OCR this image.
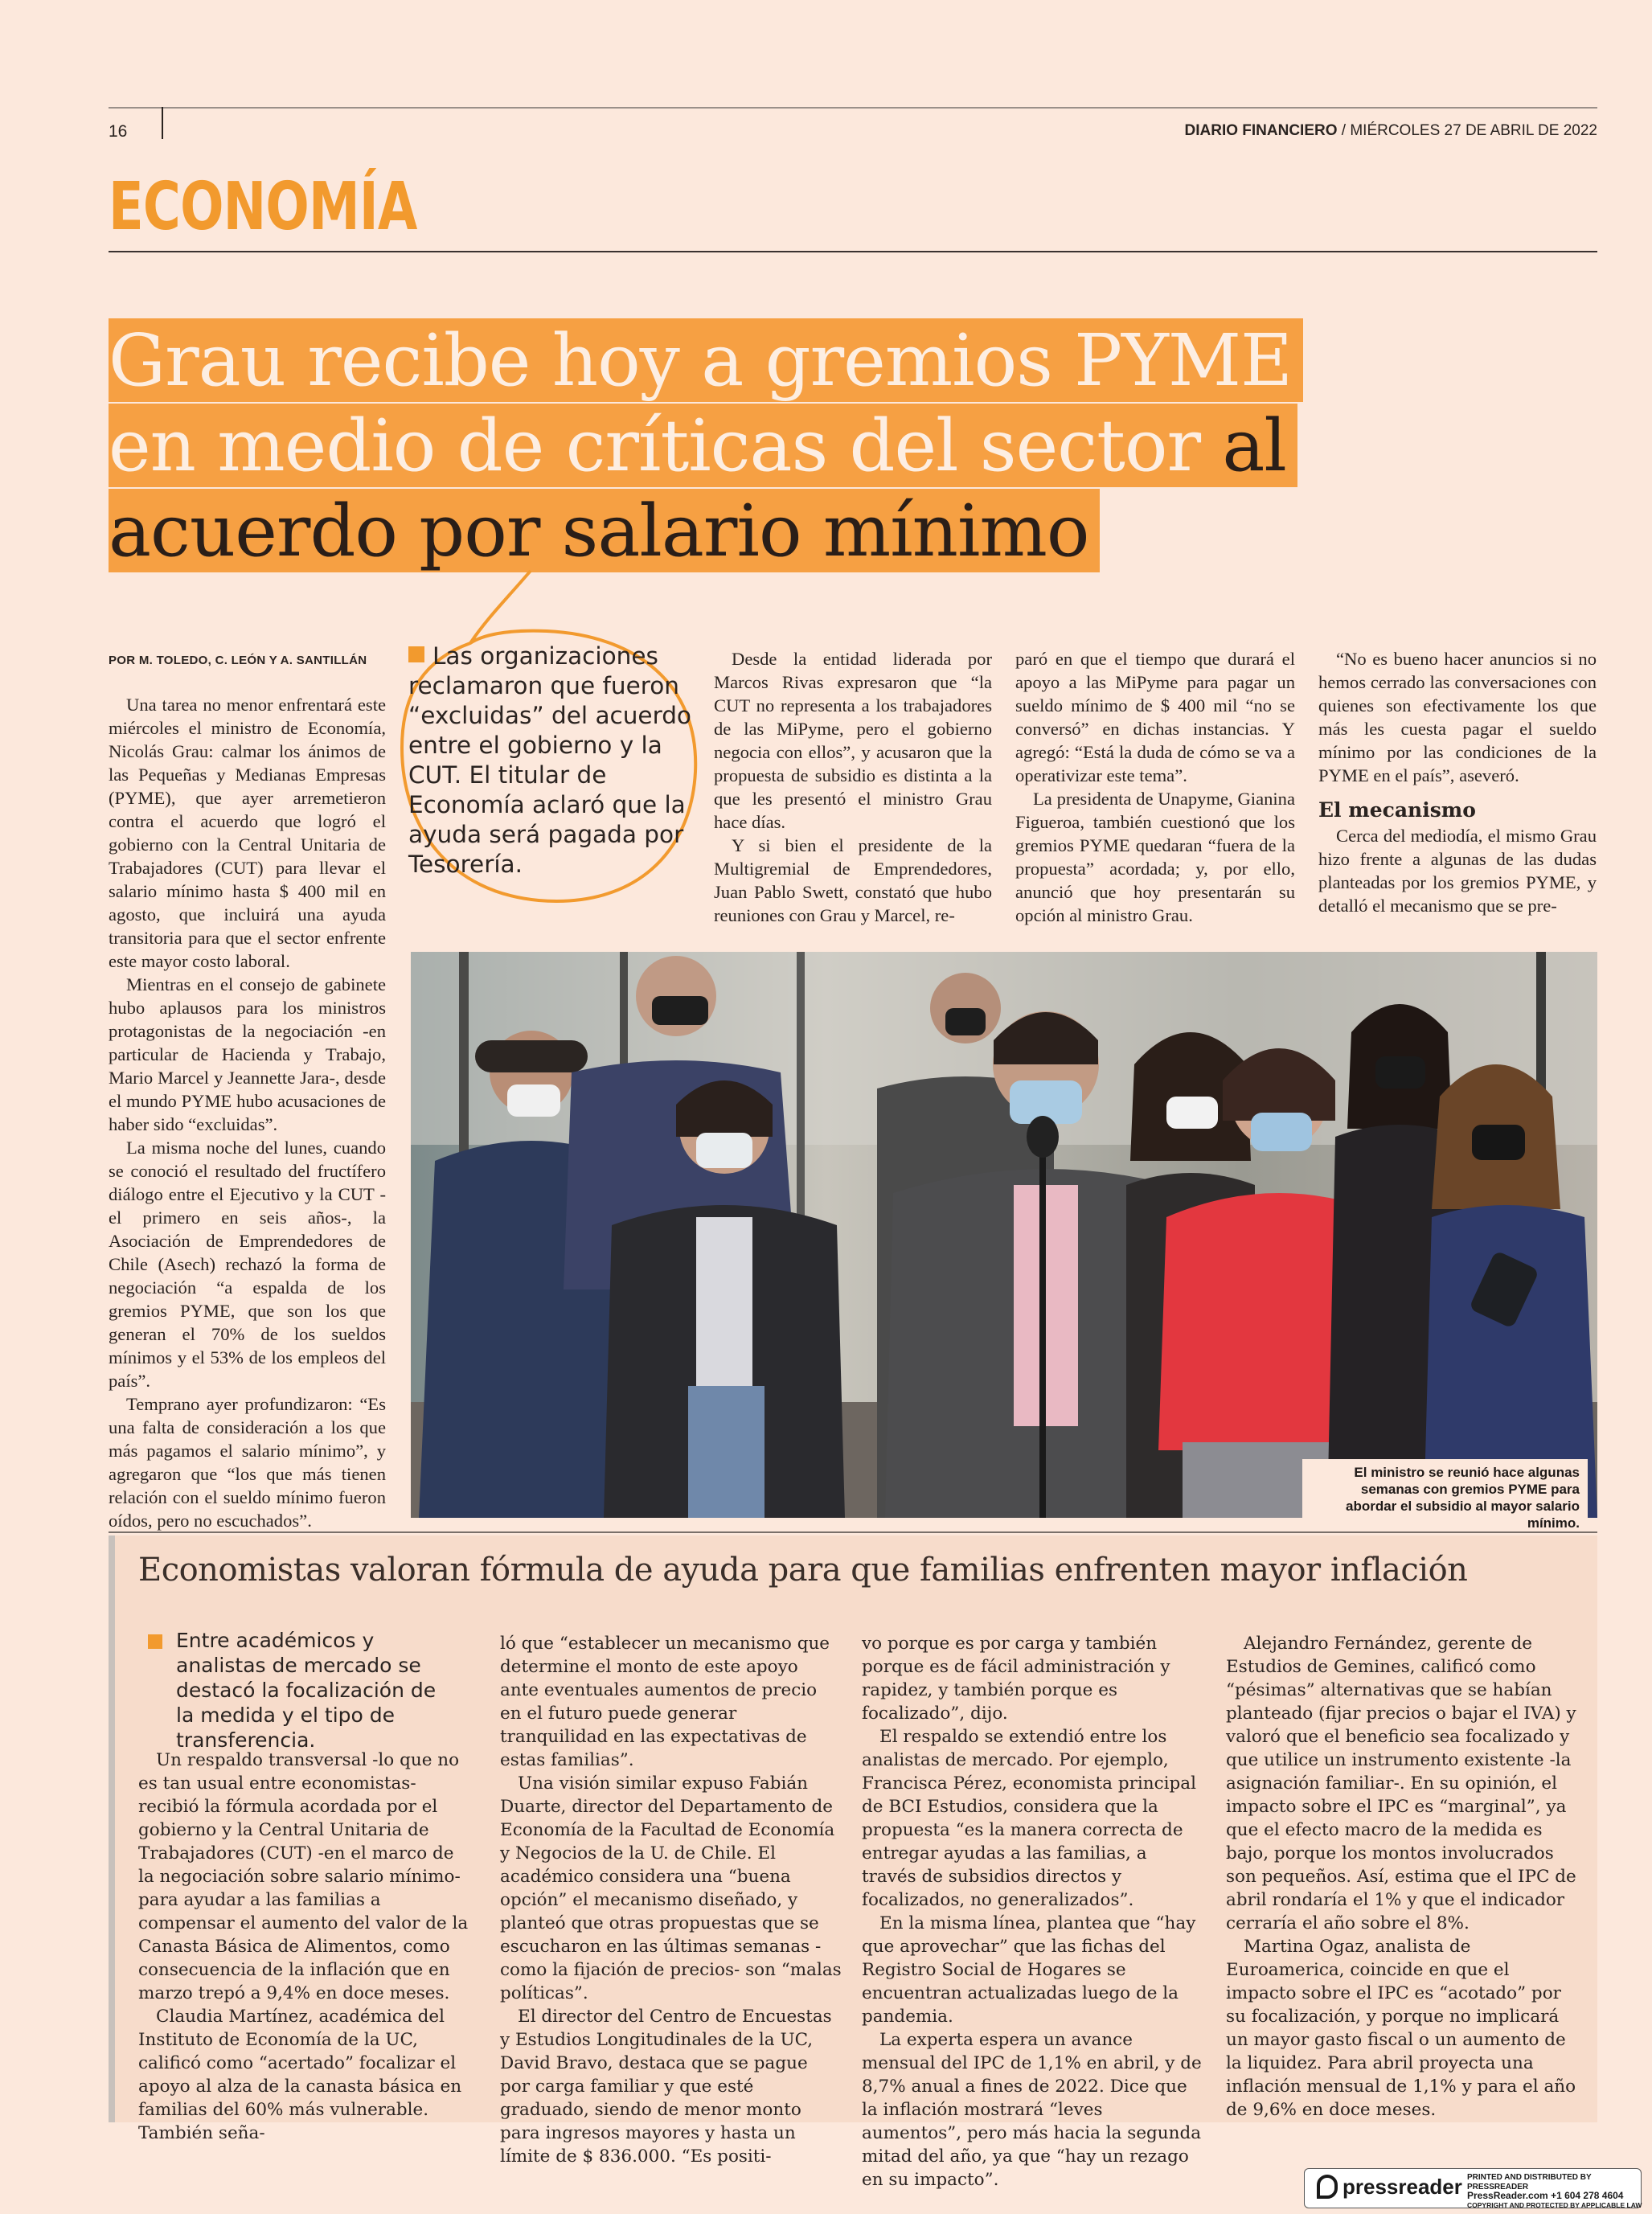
16	DIARIO FINANCIERO / MIÉRCOLES 27 DE ABRIL DE 2022
ECONOMÍA
Grau recibe hoy a gremios PYME
en medio de críticas del sector al
acuerdo por salario mínimo
POR M. TOLEDO, C. LEÓN Y A. SANTILLÁN

Una tarea no menor enfrentará este miércoles el ministro de Economía, Nicolás Grau: calmar los ánimos de las Pequeñas y Medianas Empresas (PYME), que ayer arremetieron contra el acuerdo que logró el gobierno con la Central Unitaria de Trabajadores (CUT) para llevar el salario mínimo hasta $ 400 mil en agosto, que incluirá una ayuda transitoria para que el sector enfrente este mayor costo laboral.

Mientras en el consejo de gabinete hubo aplausos para los ministros protagonistas de la negociación -en particular de Hacienda y Trabajo, Mario Marcel y Jeannette Jara-, desde el mundo PYME hubo acusaciones de haber sido “excluidas”.

La misma noche del lunes, cuando se conoció el resultado del fructífero diálogo entre el Ejecutivo y la CUT -el primero en seis años-, la Asociación de Emprendedores de Chile (Asech) rechazó la forma de negociación “a espalda de los gremios PYME, que son los que generan el 70% de los sueldos mínimos y el 53% de los empleos del país”.

Temprano ayer profundizaron: “Es una falta de consideración a los que más pagamos el salario mínimo”, y agregaron que “los que más tienen relación con el sueldo mínimo fueron oídos, pero no escuchados”.

Las organizaciones reclamaron que fueron “excluidas” del acuerdo entre el gobierno y la CUT. El titular de Economía aclaró que la ayuda será pagada por Tesorería.

Desde la entidad liderada por Marcos Rivas expresaron que “la CUT no representa a los trabajadores de las MiPyme, pero el gobierno negocia con ellos”, y acusaron que la propuesta de subsidio es distinta a la que les presentó el ministro Grau hace días.

Y si bien el presidente de la Multigremial de Emprendedores, Juan Pablo Swett, constató que hubo reuniones con Grau y Marcel, re-

paró en que el tiempo que durará el apoyo a las MiPyme para pagar un sueldo mínimo de $ 400 mil “no se conversó” en dichas instancias. Y agregó: “Está la duda de cómo se va a operativizar este tema”.

La presidenta de Unapyme, Gianina Figueroa, también cuestionó que los gremios PYME quedaran “fuera de la propuesta” acordada; y, por ello, anunció que hoy presentarán su opción al ministro Grau.

“No es bueno hacer anuncios si no hemos cerrado las conversaciones con quienes son efectivamente los que más les cuesta pagar el sueldo mínimo por las condiciones de la PYME en el país”, aseveró.

El mecanismo

Cerca del mediodía, el mismo Grau hizo frente a algunas de las dudas planteadas por los gremios PYME, y detalló el mecanismo que se pre-

El ministro se reunió hace algunas semanas con gremios PYME para abordar el subsidio al mayor salario mínimo.
Economistas valoran fórmula de ayuda para que familias enfrenten mayor inflación
Entre académicos y analistas de mercado se destacó la focalización de la medida y el tipo de transferencia.

Un respaldo transversal -lo que no es tan usual entre economistas- recibió la fórmula acordada por el gobierno y la Central Unitaria de Trabajadores (CUT) -en el marco de la negociación sobre salario mínimo- para ayudar a las familias a compensar el aumento del valor de la Canasta Básica de Alimentos, como consecuencia de la inflación que en marzo trepó a 9,4% en doce meses.

Claudia Martínez, académica del Instituto de Economía de la UC, calificó como “acertado” focalizar el apoyo al alza de la canasta básica en familias del 60% más vulnerable. También seña-

ló que “establecer un mecanismo que determine el monto de este apoyo ante eventuales aumentos de precio en el futuro puede generar tranquilidad en las expectativas de estas familias”.

Una visión similar expuso Fabián Duarte, director del Departamento de Economía de la Facultad de Economía y Negocios de la U. de Chile. El académico considera una “buena opción” el mecanismo diseñado, y planteó que otras propuestas que se escucharon en las últimas semanas -como la fijación de precios- son “malas políticas”.

El director del Centro de Encuestas y Estudios Longitudinales de la UC, David Bravo, destaca que se pague por carga familiar y que esté graduado, siendo de menor monto para ingresos mayores y hasta un límite de $ 836.000. “Es positi-

vo porque es por carga y también porque es de fácil administración y rapidez, y también porque es focalizado”, dijo.

El respaldo se extendió entre los analistas de mercado. Por ejemplo, Francisca Pérez, economista principal de BCI Estudios, considera que la propuesta “es la manera correcta de entregar ayudas a las familias, a través de subsidios directos y focalizados, no generalizados”.

En la misma línea, plantea que “hay que aprovechar” que las fichas del Registro Social de Hogares se encuentran actualizadas luego de la pandemia.

La experta espera un avance mensual del IPC de 1,1% en abril, y de 8,7% anual a fines de 2022. Dice que la inflación mostrará “leves aumentos”, pero más hacia la segunda mitad del año, ya que “hay un rezago en su impacto”.

Alejandro Fernández, gerente de Estudios de Gemines, calificó como “pésimas” alternativas que se habían planteado (fijar precios o bajar el IVA) y valoró que el beneficio sea focalizado y que utilice un instrumento existente -la asignación familiar-. En su opinión, el impacto sobre el IPC es “marginal”, ya que el efecto macro de la medida es bajo, porque los montos involucrados son pequeños. Así, estima que el IPC de abril rondaría el 1% y que el indicador cerraría el año sobre el 8%.

Martina Ogaz, analista de Euroamerica, coincide en que el impacto sobre el IPC es “acotado” por su focalización, y porque no implicará un mayor gasto fiscal o un aumento de la liquidez. Para abril proyecta una inflación mensual de 1,1% y para el año de 9,6% en doce meses.

pressreader PRINTED AND DISTRIBUTED BY PRESSREADER
PressReader.com +1 604 278 4604
COPYRIGHT AND PROTECTED BY APPLICABLE LAW
